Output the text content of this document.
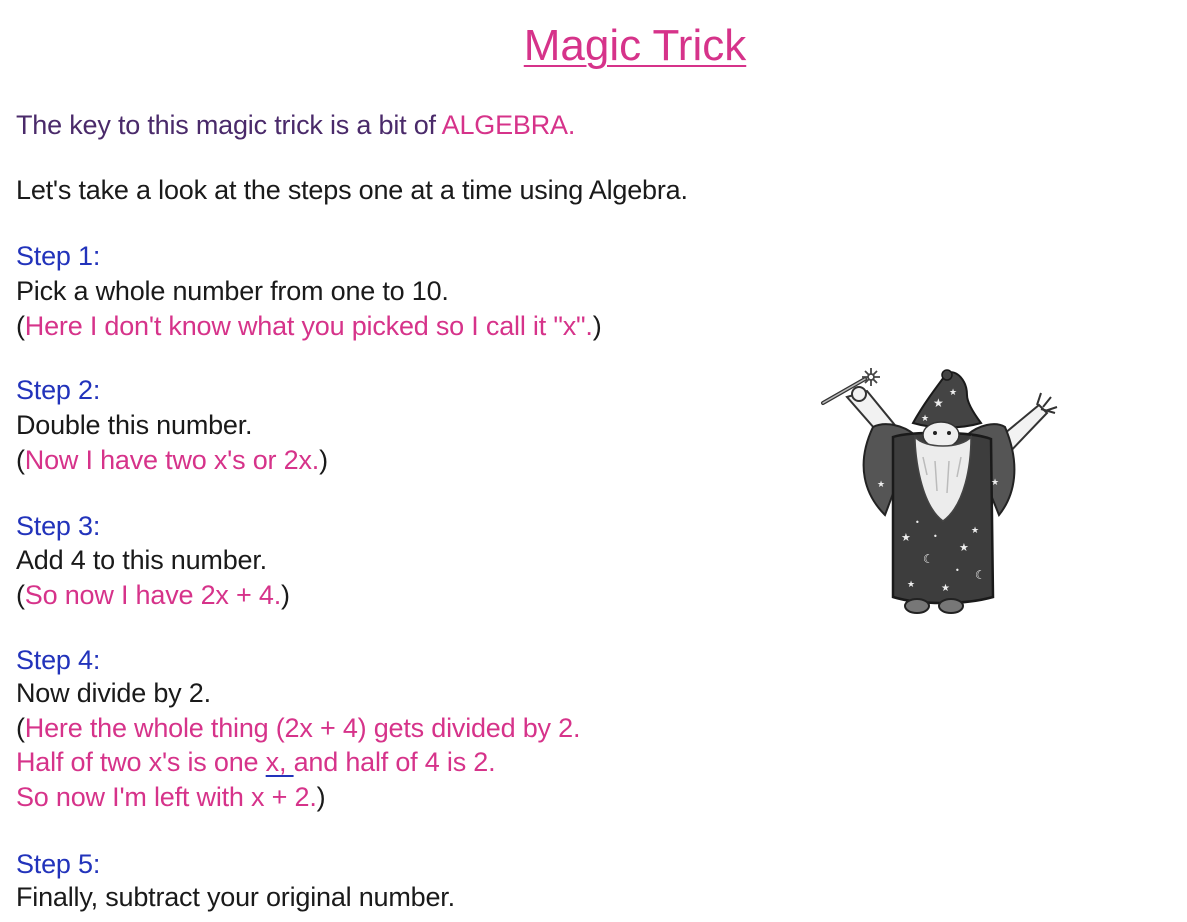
Magic Trick
The key to this magic trick is a bit of ALGEBRA.
Let's take a look at the steps one at a time using Algebra.
Step 1:
Pick a whole number from one to 10.
(Here I don't know what you picked so I call it "x".)
Step 2:
Double this number.
(Now I have two x's or 2x.)
Step 3:
Add 4 to this number.
(So now I have 2x + 4.)
Step 4:
Now divide by 2.
(Here the whole thing (2x + 4) gets divided by 2.
Half of two x's is one x, and half of 4 is 2.
So now I'm left with x + 2.)
Step 5:
Finally, subtract your original number.
★
★
★
★
☾
★
☾
★	★
★
★	★
•
•
•
